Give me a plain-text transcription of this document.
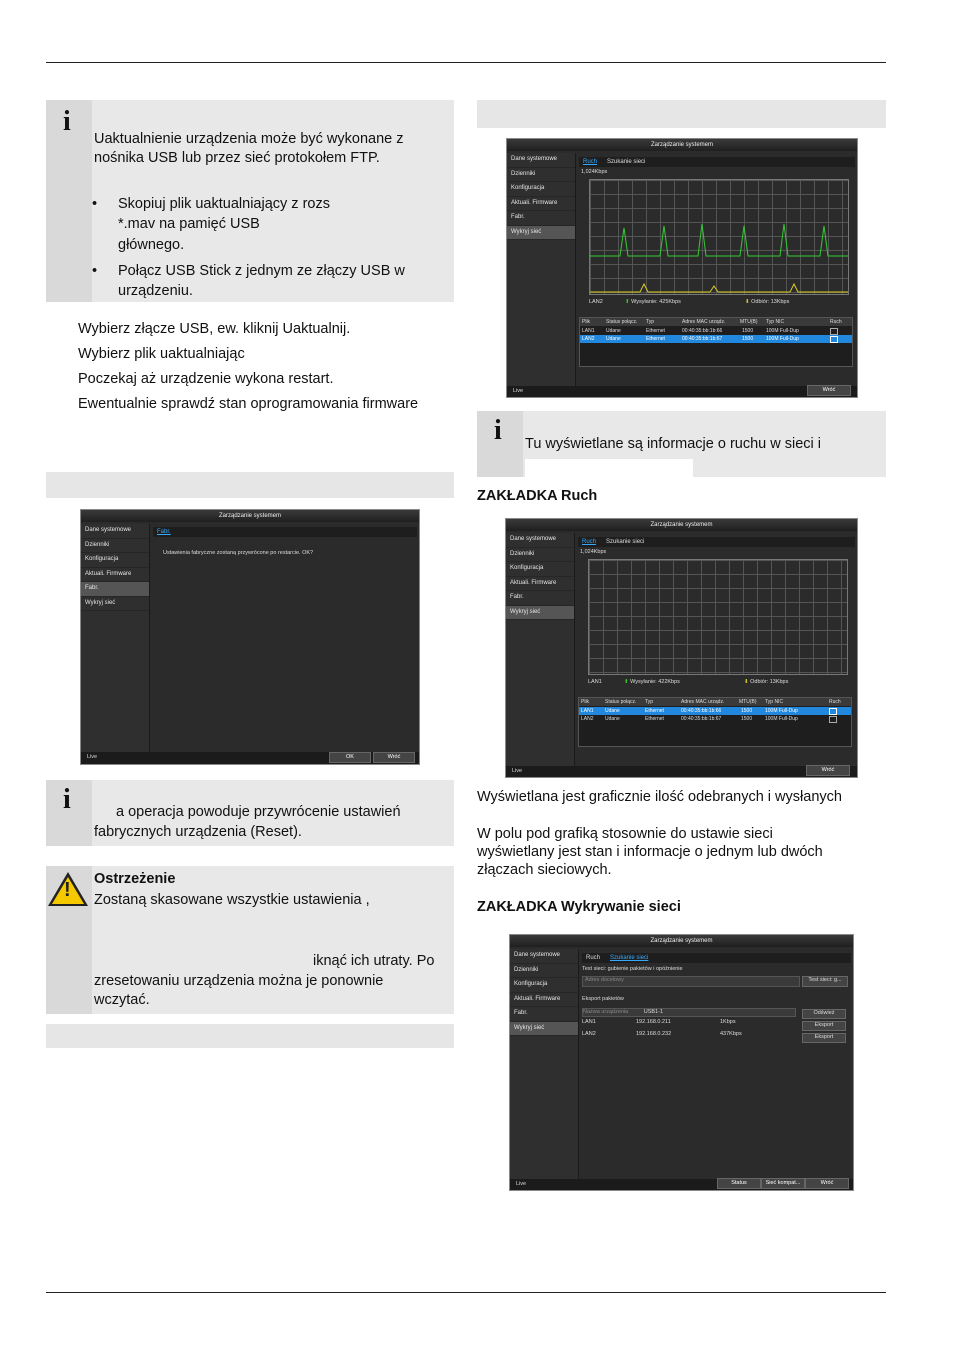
i
Uaktualnienie urządzenia może być wykonane z
nośnika USB lub przez sieć protokołem FTP.
• Skopiuj plik uaktualniający z rozs
*.mav na pamięć USB
głównego.
• Połącz USB Stick z jednym ze złączy USB w
urządzeniu.
Wybierz złącze USB, ew. kliknij Uaktualnij.
Wybierz plik uaktualniając
Poczekaj aż urządzenie wykona restart.
Ewentualnie sprawdź stan oprogramowania firmware
Zarządzanie systemem
Dane systemowe
Dzienniki
Konfiguracja
Aktuali. Firmware
Fabr.
Wykryj sieć
Fabr.
Ustawienia fabryczne zostaną przywrócone po restarcie. OK?
Live	OK	Wróć
i	a operacja powoduje przywrócenie ustawień
fabrycznych urządzenia (Reset).
! Ostrzeżenie
Zostaną skasowane wszystkie ustawienia ,
iknąć ich utraty. Po
zresetowaniu urządzenia można je ponownie
wczytać.
Zarządzanie systemem
Dane systemowe
Dzienniki
Konfiguracja
Aktuali. Firmware
Fabr.
Wykryj sieć
Ruch Szukanie sieci
1,024Kbps
LAN2	⬆ Wysyłanie: 425Kbps	⬇ Odbiór: 13Kbps
Plik	Status połącz. Typ	Adres MAC urządz.	MTU(B) Typ NIC	Ruch
LAN1 Udane	Ethernet	00:40:35:bb:1b:66	1500	100M Full-Dup
LAN2 Udane	Ethernet	00:40:35:bb:1b:67	1500	100M Full-Dup
Live	Wróć
i Tu wyświetlane są informacje o ruchu w sieci i
ZAKŁADKA Ruch
Zarządzanie systemem
Dane systemowe
Dzienniki
Konfiguracja
Aktuali. Firmware
Fabr.
Wykryj sieć
Ruch Szukanie sieci
1,024Kbps
LAN1	⬆ Wysyłanie: 422Kbps	⬇ Odbiór: 13Kbps
Plik	Status połącz. Typ	Adres MAC urządz.	MTU(B) Typ NIC	Ruch
LAN1 Udane	Ethernet	00:40:35:bb:1b:66	1500	100M Full-Dup
LAN2 Udane	Ethernet	00:40:35:bb:1b:67	1500	100M Full-Dup
Live	Wróć
Wyświetlana jest graficznie ilość odebranych i wysłanych
W polu pod grafiką stosownie do ustawie sieci
wyświetlany jest stan i informacje o jednym lub dwóch
złączach sieciowych.
ZAKŁADKA Wykrywanie sieci
Zarządzanie systemem
Dane systemowe
Dzienniki
Konfiguracja
Aktuali. Firmware
Fabr.
Wykryj sieć
Ruch Szukanie sieci
Test sieci: gubienie pakietów i opóźnienie
Adres docelowy	Test sieci: g...
Eksport pakietów
Nazwa urządzenia	USB1-1	Odśwież
LAN1	192.168.0.211	1Kbps
LAN2	192.168.0.232	437Kbps
Eksport
Eksport
Live	Status	Sieć kompat...	Wróć
